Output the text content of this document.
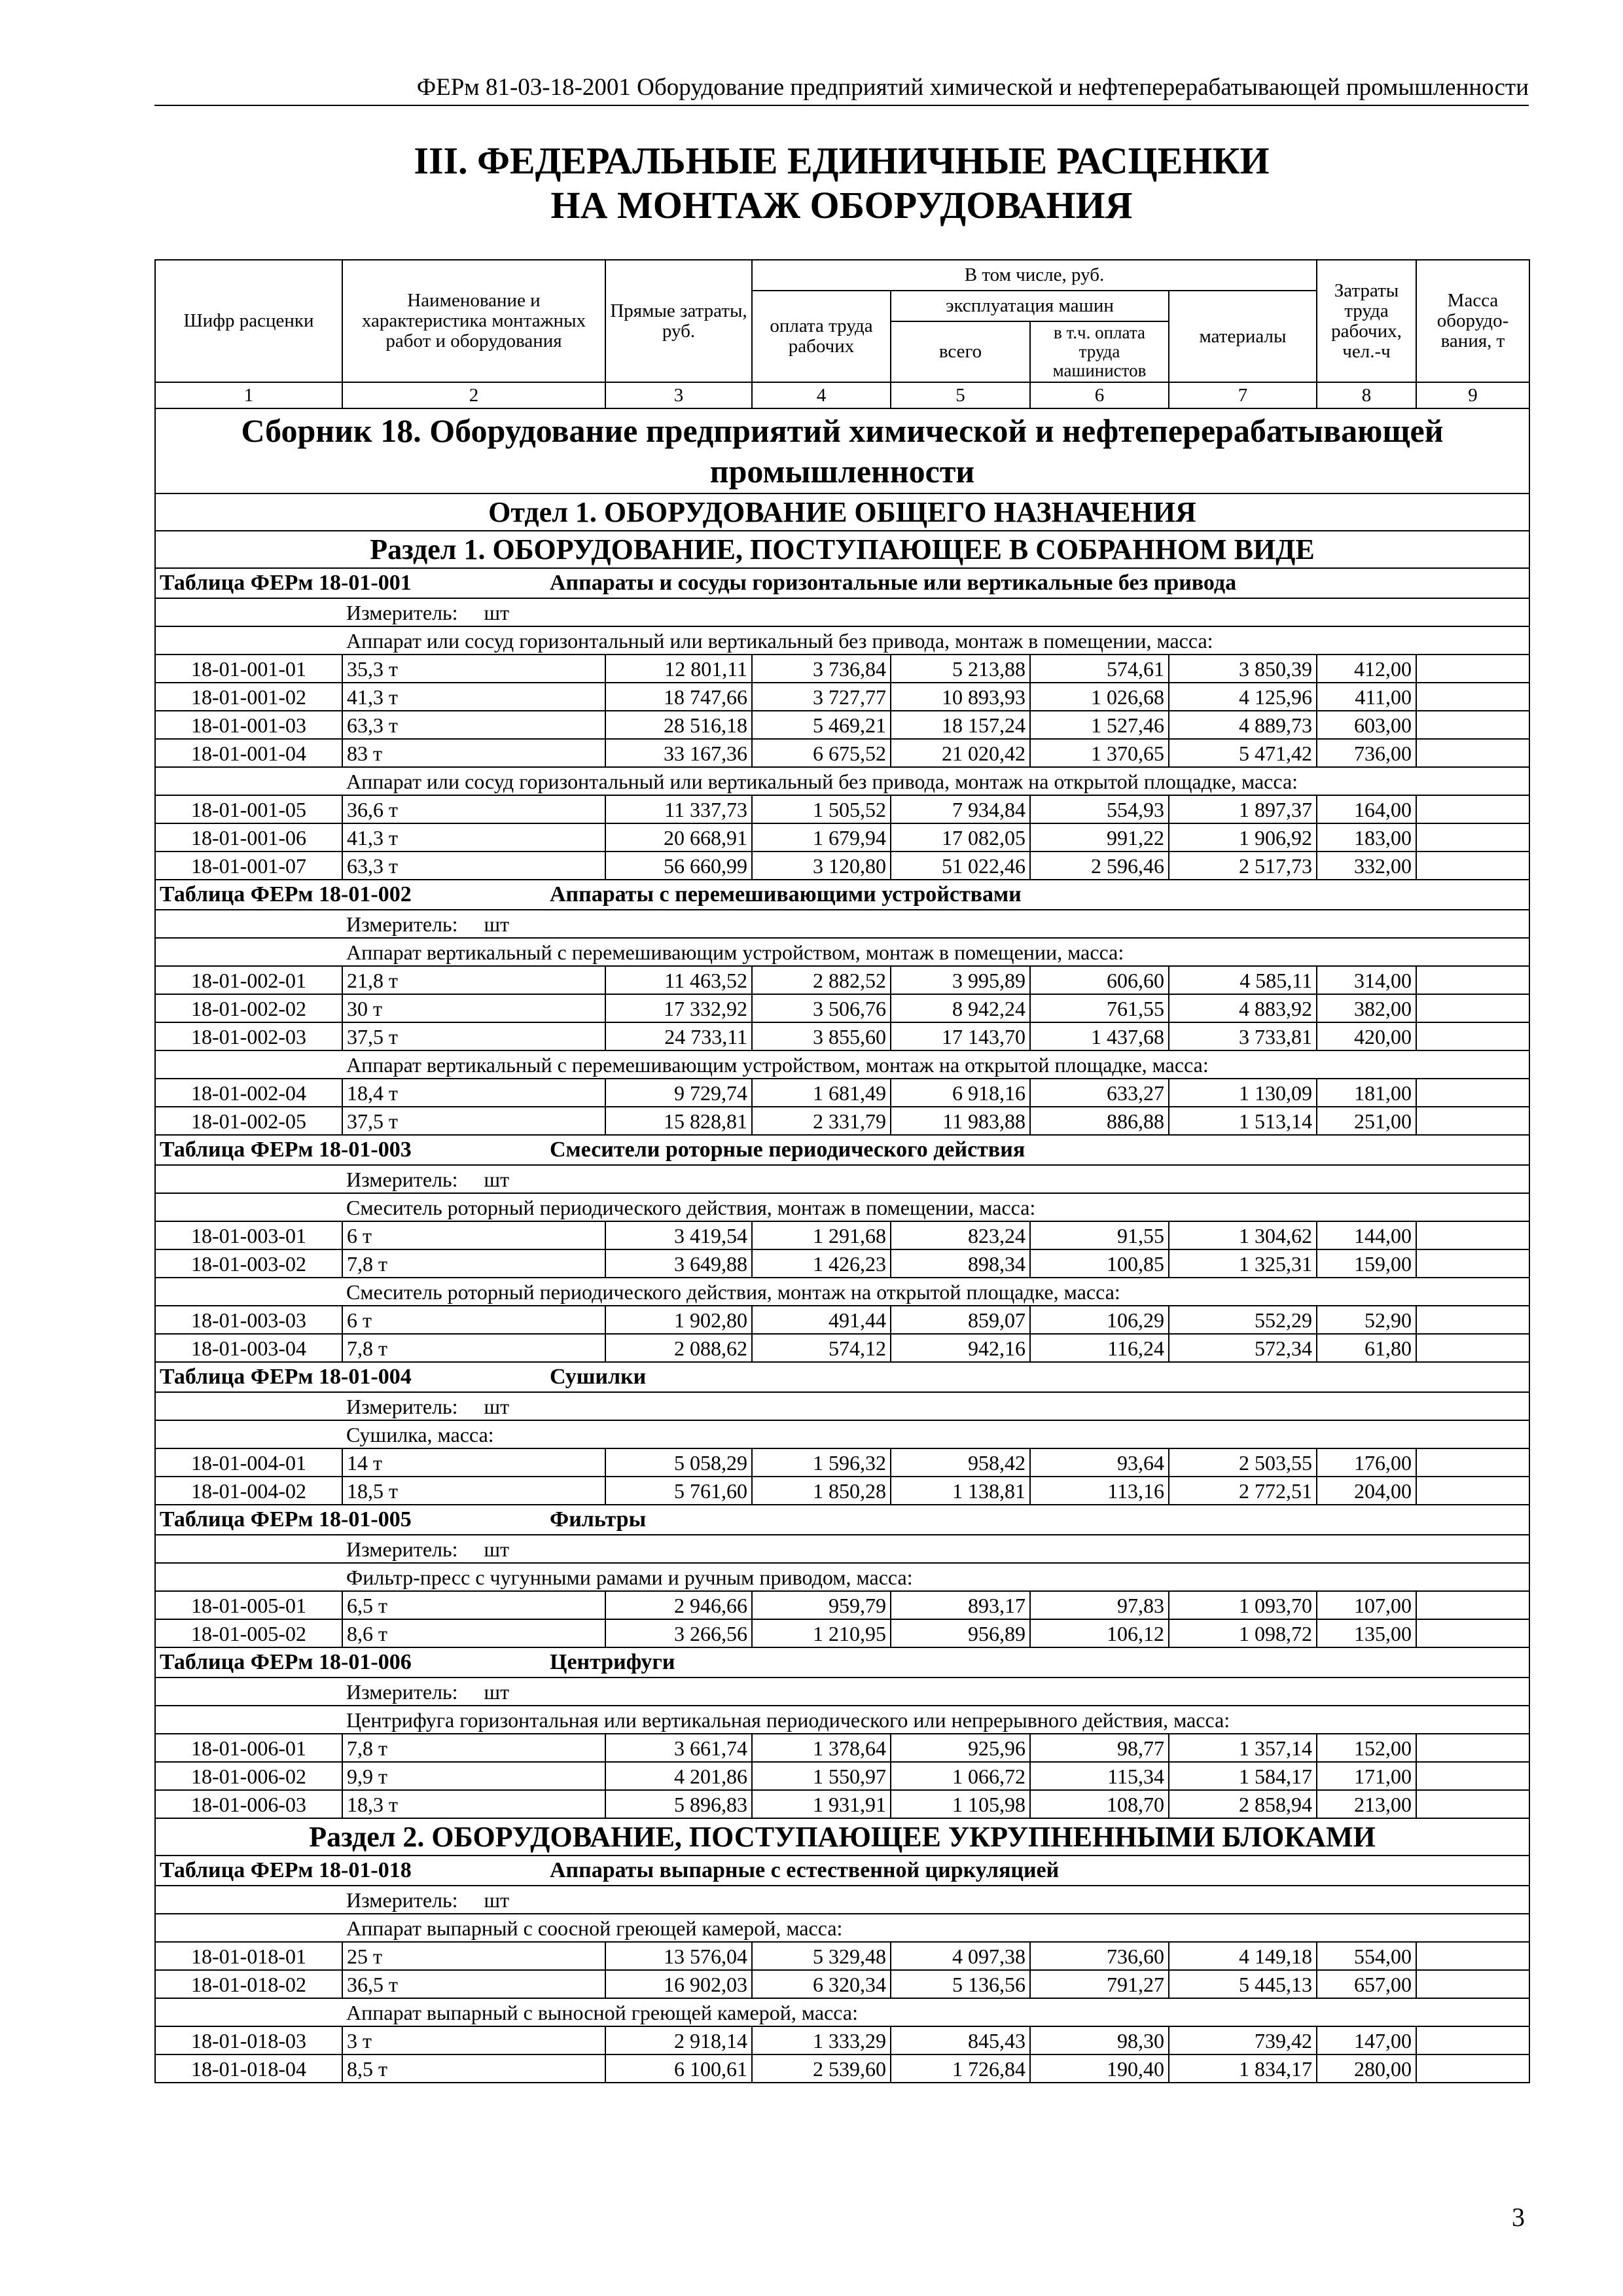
ФЕРм 81-03-18-2001 Оборудование предприятий химической и нефтеперерабатывающей промышленности
III. ФЕДЕРАЛЬНЫЕ ЕДИНИЧНЫЕ РАСЦЕНКИ
НА МОНТАЖ ОБОРУДОВАНИЯ
Шифр расценки	Наименование и характеристика монтажных работ и оборудования	Прямые затраты, руб.	В том числе, руб.				Затраты труда рабочих, чел.-ч	Масса оборудо- вания, т
			оплата труда рабочих	эксплуатация машин		материалы		
				всего	в т.ч. оплата труда машинистов			
1	2	3	4	5	6	7	8	9
Сборник 18. Оборудование предприятий химической и нефтеперерабатывающей промышленности								
Отдел 1. ОБОРУДОВАНИЕ ОБЩЕГО НАЗНАЧЕНИЯ								
Раздел 1. ОБОРУДОВАНИЕ, ПОСТУПАЮЩЕЕ В СОБРАННОМ ВИДЕ								
Таблица ФЕРм 18-01-001 Аппараты и сосуды горизонтальные или вертикальные без привода								
	Измеритель: шт							
	Аппарат или сосуд горизонтальный или вертикальный без привода, монтаж в помещении, масса:							
18-01-001-01	35,3 т	12 801,11	3 736,84	5 213,88	574,61	3 850,39	412,00	
18-01-001-02	41,3 т	18 747,66	3 727,77	10 893,93	1 026,68	4 125,96	411,00	
18-01-001-03	63,3 т	28 516,18	5 469,21	18 157,24	1 527,46	4 889,73	603,00	
18-01-001-04	83 т	33 167,36	6 675,52	21 020,42	1 370,65	5 471,42	736,00	
	Аппарат или сосуд горизонтальный или вертикальный без привода, монтаж на открытой площадке, масса:							
18-01-001-05	36,6 т	11 337,73	1 505,52	7 934,84	554,93	1 897,37	164,00	
18-01-001-06	41,3 т	20 668,91	1 679,94	17 082,05	991,22	1 906,92	183,00	
18-01-001-07	63,3 т	56 660,99	3 120,80	51 022,46	2 596,46	2 517,73	332,00	
Таблица ФЕРм 18-01-002 Аппараты с перемешивающими устройствами								
	Измеритель: шт							
	Аппарат вертикальный с перемешивающим устройством, монтаж в помещении, масса:							
18-01-002-01	21,8 т	11 463,52	2 882,52	3 995,89	606,60	4 585,11	314,00	
18-01-002-02	30 т	17 332,92	3 506,76	8 942,24	761,55	4 883,92	382,00	
18-01-002-03	37,5 т	24 733,11	3 855,60	17 143,70	1 437,68	3 733,81	420,00	
	Аппарат вертикальный с перемешивающим устройством, монтаж на открытой площадке, масса:							
18-01-002-04	18,4 т	9 729,74	1 681,49	6 918,16	633,27	1 130,09	181,00	
18-01-002-05	37,5 т	15 828,81	2 331,79	11 983,88	886,88	1 513,14	251,00	
Таблица ФЕРм 18-01-003 Смесители роторные периодического действия								
	Измеритель: шт							
	Смеситель роторный периодического действия, монтаж в помещении, масса:							
18-01-003-01	6 т	3 419,54	1 291,68	823,24	91,55	1 304,62	144,00	
18-01-003-02	7,8 т	3 649,88	1 426,23	898,34	100,85	1 325,31	159,00	
	Смеситель роторный периодического действия, монтаж на открытой площадке, масса:							
18-01-003-03	6 т	1 902,80	491,44	859,07	106,29	552,29	52,90	
18-01-003-04	7,8 т	2 088,62	574,12	942,16	116,24	572,34	61,80	
Таблица ФЕРм 18-01-004 Сушилки								
	Измеритель: шт							
	Сушилка, масса:							
18-01-004-01	14 т	5 058,29	1 596,32	958,42	93,64	2 503,55	176,00	
18-01-004-02	18,5 т	5 761,60	1 850,28	1 138,81	113,16	2 772,51	204,00	
Таблица ФЕРм 18-01-005 Фильтры								
	Измеритель: шт							
	Фильтр-пресс с чугунными рамами и ручным приводом, масса:							
18-01-005-01	6,5 т	2 946,66	959,79	893,17	97,83	1 093,70	107,00	
18-01-005-02	8,6 т	3 266,56	1 210,95	956,89	106,12	1 098,72	135,00	
Таблица ФЕРм 18-01-006 Центрифуги								
	Измеритель: шт							
	Центрифуга горизонтальная или вертикальная периодического или непрерывного действия, масса:							
18-01-006-01	7,8 т	3 661,74	1 378,64	925,96	98,77	1 357,14	152,00	
18-01-006-02	9,9 т	4 201,86	1 550,97	1 066,72	115,34	1 584,17	171,00	
18-01-006-03	18,3 т	5 896,83	1 931,91	1 105,98	108,70	2 858,94	213,00	
Раздел 2. ОБОРУДОВАНИЕ, ПОСТУПАЮЩЕЕ УКРУПНЕННЫМИ БЛОКАМИ								
Таблица ФЕРм 18-01-018 Аппараты выпарные с естественной циркуляцией								
	Измеритель: шт							
	Аппарат выпарный с соосной греющей камерой, масса:							
18-01-018-01	25 т	13 576,04	5 329,48	4 097,38	736,60	4 149,18	554,00	
18-01-018-02	36,5 т	16 902,03	6 320,34	5 136,56	791,27	5 445,13	657,00	
	Аппарат выпарный с выносной греющей камерой, масса:							
18-01-018-03	3 т	2 918,14	1 333,29	845,43	98,30	739,42	147,00	
18-01-018-04	8,5 т	6 100,61	2 539,60	1 726,84	190,40	1 834,17	280,00	
3
